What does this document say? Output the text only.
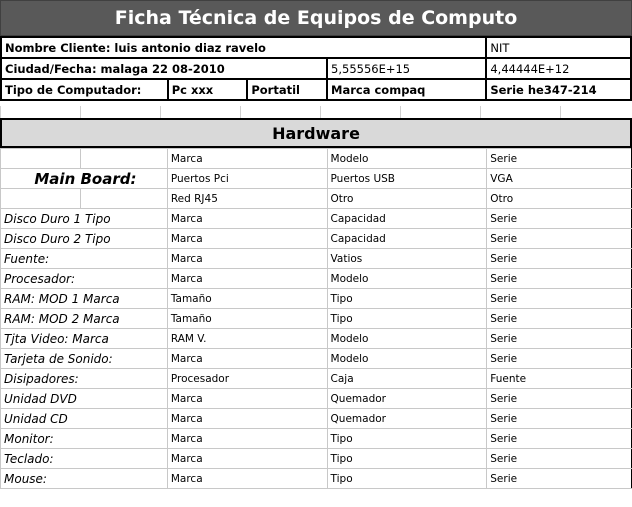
Ficha Técnica de Equipos de Computo
Nombre Cliente: luis antonio diaz ravelo				NIT
Ciudad/Fecha: malaga 22 08-2010			5,55556E+15	4,44444E+12
Tipo de Computador:	Pc xxx	Portatil	Marca compaq	Serie he347-214
Hardware
		Marca	Modelo	Serie
Main Board:		Puertos Pci	Puertos USB	VGA
		Red RJ45	Otro	Otro
Disco Duro 1 Tipo		Marca	Capacidad	Serie
Disco Duro 2 Tipo		Marca	Capacidad	Serie
Fuente:		Marca	Vatios	Serie
Procesador:		Marca	Modelo	Serie
RAM: MOD 1 Marca		Tamaño	Tipo	Serie
RAM: MOD 2 Marca		Tamaño	Tipo	Serie
Tjta Video: Marca		RAM V.	Modelo	Serie
Tarjeta de Sonido:		Marca	Modelo	Serie
Disipadores:		Procesador	Caja	Fuente
Unidad DVD		Marca	Quemador	Serie
Unidad CD		Marca	Quemador	Serie
Monitor:		Marca	Tipo	Serie
Teclado:		Marca	Tipo	Serie
Mouse:		Marca	Tipo	Serie
